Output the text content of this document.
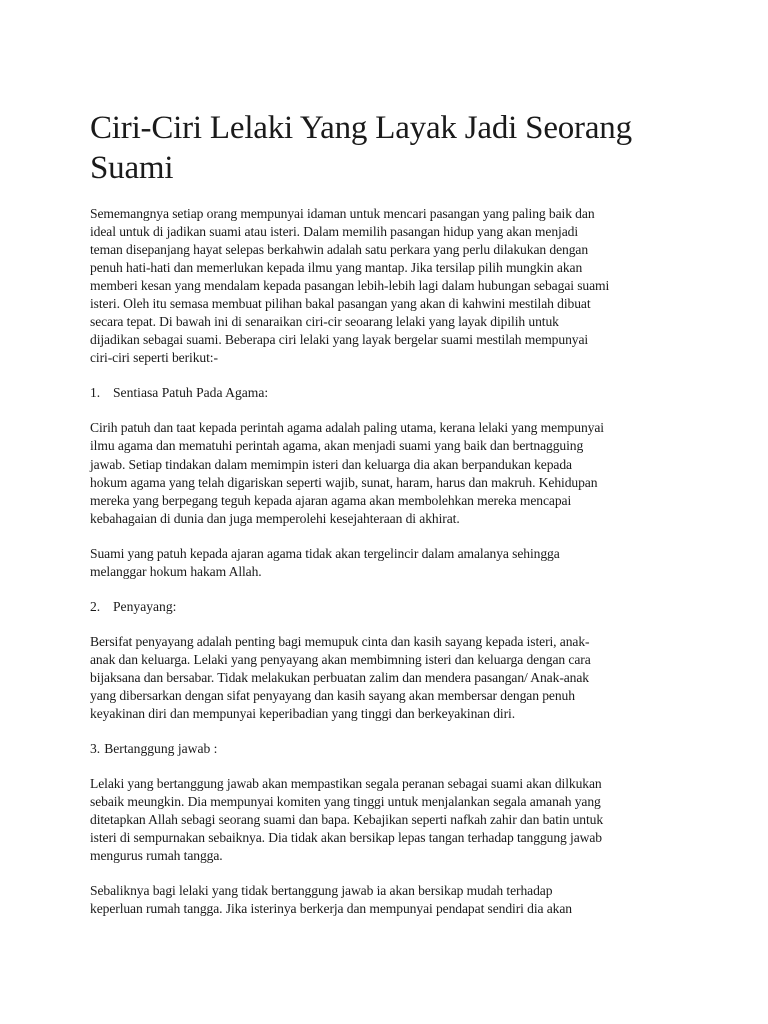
Ciri-Ciri Lelaki Yang Layak Jadi Seorang
Suami

Sememangnya setiap orang mempunyai idaman untuk mencari pasangan yang paling baik dan
ideal untuk di jadikan suami atau isteri. Dalam memilih pasangan hidup yang akan menjadi
teman disepanjang hayat selepas berkahwin adalah satu perkara yang perlu dilakukan dengan
penuh hati-hati dan memerlukan kepada ilmu yang mantap. Jika tersilap pilih mungkin akan
memberi kesan yang mendalam kepada pasangan lebih-lebih lagi dalam hubungan sebagai suami
isteri. Oleh itu semasa membuat pilihan bakal pasangan yang akan di kahwini mestilah dibuat
secara tepat. Di bawah ini di senaraikan ciri-cir seoarang lelaki yang layak dipilih untuk
dijadikan sebagai suami. Beberapa ciri lelaki yang layak bergelar suami mestilah mempunyai
ciri-ciri seperti berikut:-

1. Sentiasa Patuh Pada Agama:

Cirih patuh dan taat kepada perintah agama adalah paling utama, kerana lelaki yang mempunyai
ilmu agama dan mematuhi perintah agama, akan menjadi suami yang baik dan bertnagguing
jawab. Setiap tindakan dalam memimpin isteri dan keluarga dia akan berpandukan kepada
hokum agama yang telah digariskan seperti wajib, sunat, haram, harus dan makruh. Kehidupan
mereka yang berpegang teguh kepada ajaran agama akan membolehkan mereka mencapai
kebahagaian di dunia dan juga memperolehi kesejahteraan di akhirat.

Suami yang patuh kepada ajaran agama tidak akan tergelincir dalam amalanya sehingga
melanggar hokum hakam Allah.

2. Penyayang:

Bersifat penyayang adalah penting bagi memupuk cinta dan kasih sayang kepada isteri, anak-
anak dan keluarga. Lelaki yang penyayang akan membimning isteri dan keluarga dengan cara
bijaksana dan bersabar. Tidak melakukan perbuatan zalim dan mendera pasangan/ Anak-anak
yang dibersarkan dengan sifat penyayang dan kasih sayang akan membersar dengan penuh
keyakinan diri dan mempunyai keperibadian yang tinggi dan berkeyakinan diri.

3. Bertanggung jawab :

Lelaki yang bertanggung jawab akan mempastikan segala peranan sebagai suami akan dilkukan
sebaik meungkin. Dia mempunyai komiten yang tinggi untuk menjalankan segala amanah yang
ditetapkan Allah sebagi seorang suami dan bapa. Kebajikan seperti nafkah zahir dan batin untuk
isteri di sempurnakan sebaiknya. Dia tidak akan bersikap lepas tangan terhadap tanggung jawab
mengurus rumah tangga.

Sebaliknya bagi lelaki yang tidak bertanggung jawab ia akan bersikap mudah terhadap
keperluan rumah tangga. Jika isterinya berkerja dan mempunyai pendapat sendiri dia akan
